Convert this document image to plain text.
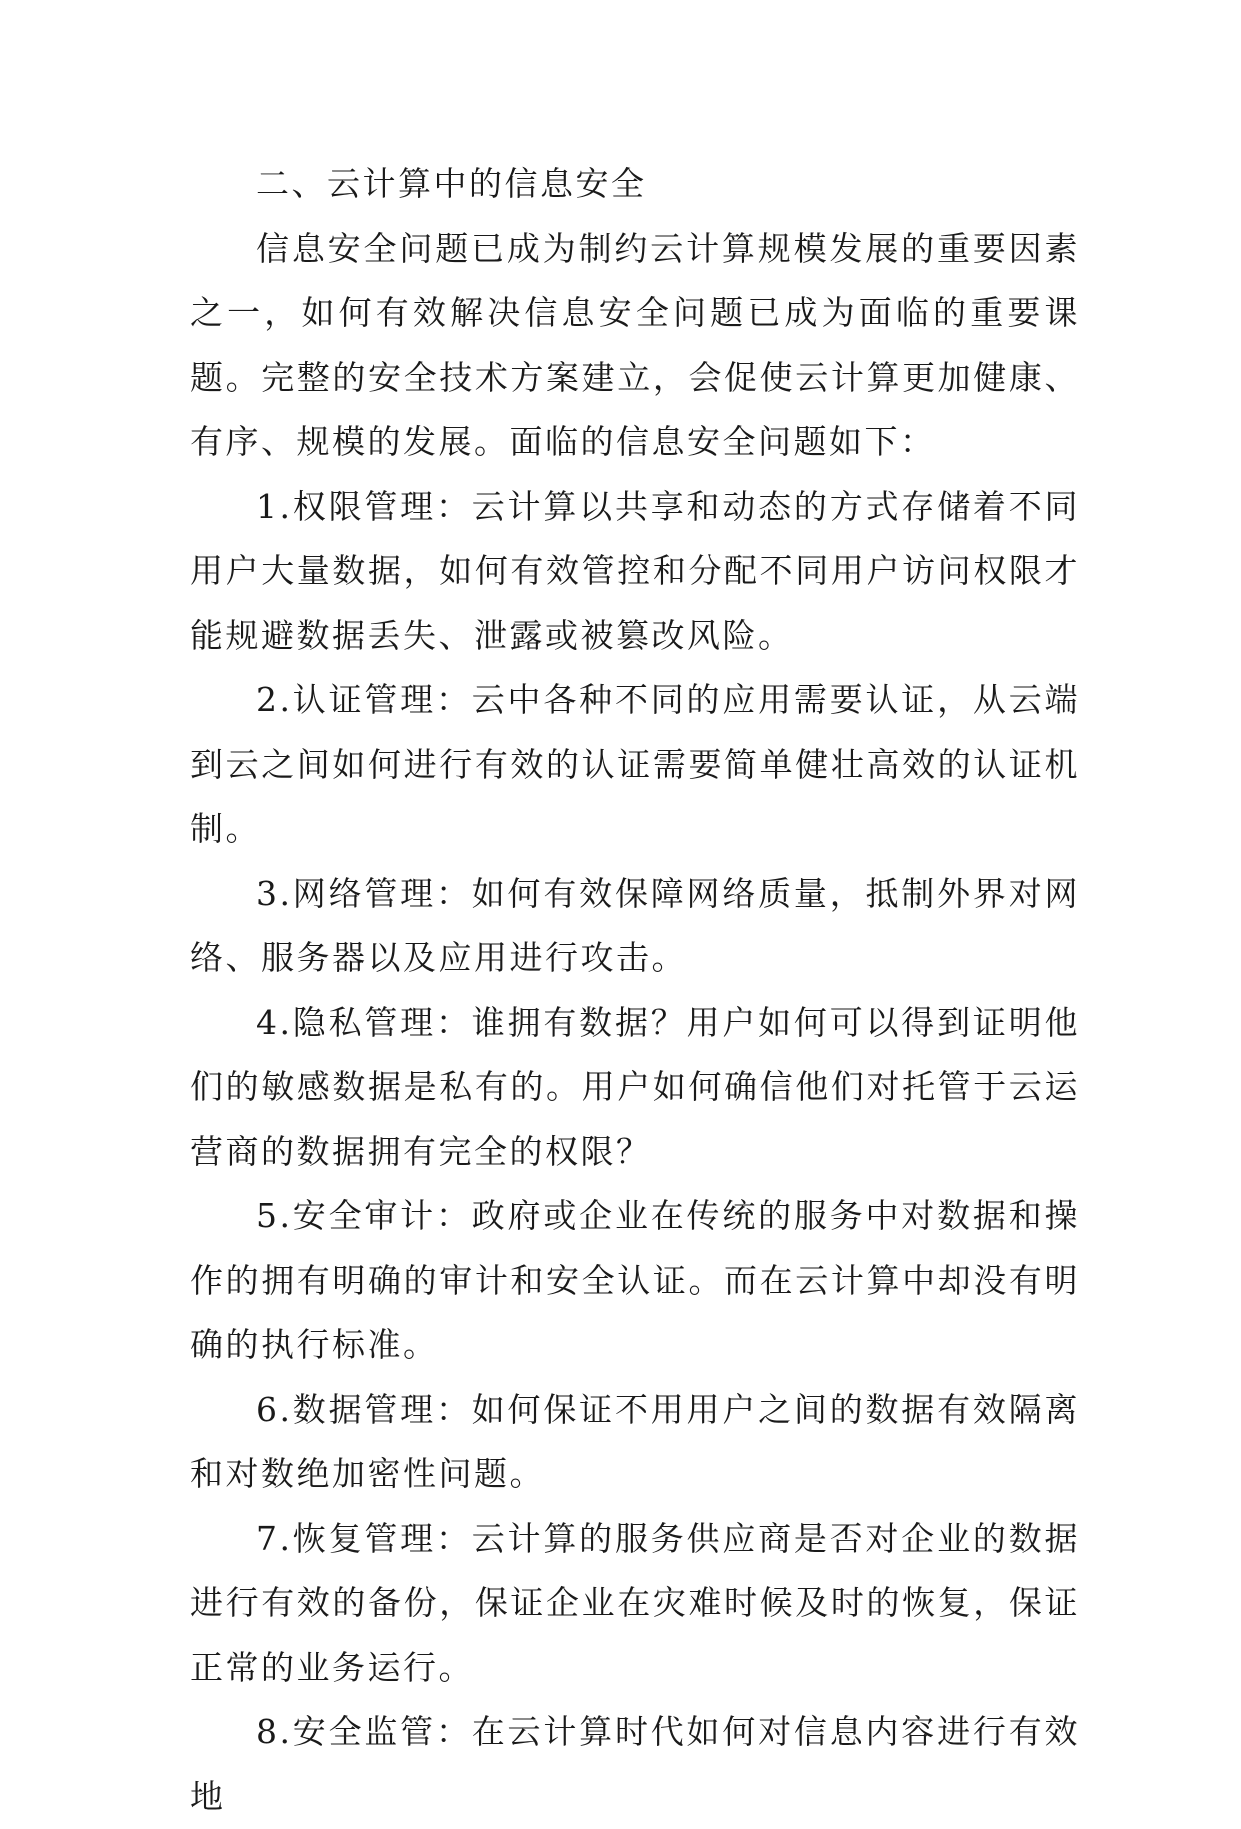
二、云计算中的信息安全

信息安全问题已成为制约云计算规模发展的重要因素之一，如何有效解决信息安全问题已成为面临的重要课题。完整的安全技术方案建立，会促使云计算更加健康、有序、规模的发展。面临的信息安全问题如下：

1.权限管理：云计算以共享和动态的方式存储着不同用户大量数据，如何有效管控和分配不同用户访问权限才能规避数据丢失、泄露或被篡改风险。

2.认证管理：云中各种不同的应用需要认证，从云端到云之间如何进行有效的认证需要简单健壮高效的认证机制。

3.网络管理：如何有效保障网络质量，抵制外界对网络、服务器以及应用进行攻击。

4.隐私管理：谁拥有数据？用户如何可以得到证明他们的敏感数据是私有的。用户如何确信他们对托管于云运营商的数据拥有完全的权限？

5.安全审计：政府或企业在传统的服务中对数据和操作的拥有明确的审计和安全认证。而在云计算中却没有明确的执行标准。

6.数据管理：如何保证不用用户之间的数据有效隔离和对数绝加密性问题。

7.恢复管理：云计算的服务供应商是否对企业的数据进行有效的备份，保证企业在灾难时候及时的恢复，保证正常的业务运行。

8.安全监管：在云计算时代如何对信息内容进行有效地
